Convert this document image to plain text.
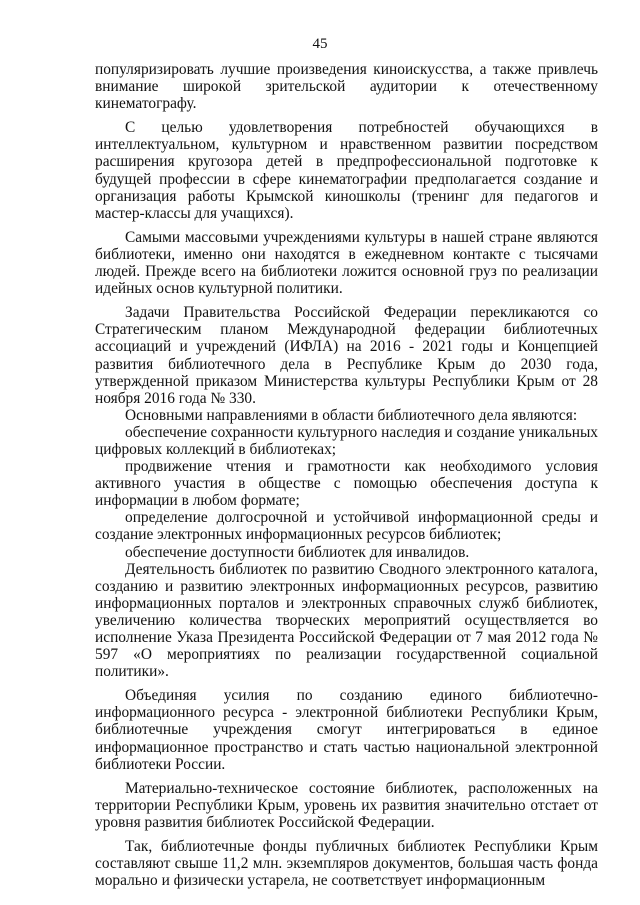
45

популяризировать лучшие произведения киноискусства, а также привлечь внимание широкой зрительской аудитории к отечественному кинематографу.

С целью удовлетворения потребностей обучающихся в интеллектуальном, культурном и нравственном развитии посредством расширения кругозора детей в предпрофессиональной подготовке к будущей профессии в сфере кинематографии предполагается создание и организация работы Крымской киношколы (тренинг для педагогов и мастер-классы для учащихся).

Самыми массовыми учреждениями культуры в нашей стране являются библиотеки, именно они находятся в ежедневном контакте с тысячами людей. Прежде всего на библиотеки ложится основной груз по реализации идейных основ культурной политики.

Задачи Правительства Российской Федерации перекликаются со Стратегическим планом Международной федерации библиотечных ассоциаций и учреждений (ИФЛА) на 2016 - 2021 годы и Концепцией развития библиотечного дела в Республике Крым до 2030 года, утвержденной приказом Министерства культуры Республики Крым от 28 ноября 2016 года № 330.

Основными направлениями в области библиотечного дела являются:

обеспечение сохранности культурного наследия и создание уникальных цифровых коллекций в библиотеках;

продвижение чтения и грамотности как необходимого условия активного участия в обществе с помощью обеспечения доступа к информации в любом формате;

определение долгосрочной и устойчивой информационной среды и создание электронных информационных ресурсов библиотек;

обеспечение доступности библиотек для инвалидов.

Деятельность библиотек по развитию Сводного электронного каталога, созданию и развитию электронных информационных ресурсов, развитию информационных порталов и электронных справочных служб библиотек, увеличению количества творческих мероприятий осуществляется во исполнение Указа Президента Российской Федерации от 7 мая 2012 года № 597 «О мероприятиях по реализации государственной социальной политики».

Объединяя усилия по созданию единого библиотечно-информационного ресурса - электронной библиотеки Республики Крым, библиотечные учреждения смогут интегрироваться в единое информационное пространство и стать частью национальной электронной библиотеки России.

Материально-техническое состояние библиотек, расположенных на территории Республики Крым, уровень их развития значительно отстает от уровня развития библиотек Российской Федерации.

Так, библиотечные фонды публичных библиотек Республики Крым составляют свыше 11,2 млн. экземпляров документов, большая часть фонда морально и физически устарела, не соответствует информационным
